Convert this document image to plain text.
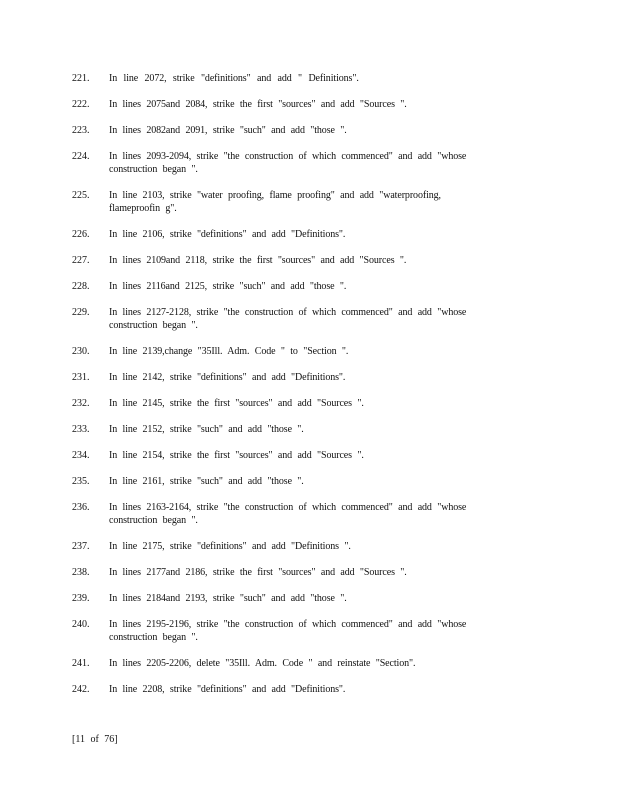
221.	In line 2072, strike "definitions" and add " Definitions".
222.	In lines 2075and 2084, strike the first "sources" and add "Sources ".
223.	In lines 2082and 2091, strike "such" and add "those ".
224.	In lines 2093-2094, strike "the construction of which commenced" and add "whose
construction began ".
225.	In line 2103, strike "water proofing, flame proofing" and add "waterproofing,
flameproofin g".
226.	In line 2106, strike "definitions" and add "Definitions".
227.	In lines 2109and 2118, strike the first "sources" and add "Sources ".
228.	In lines 2116and 2125, strike "such" and add "those ".
229.	In lines 2127-2128, strike "the construction of which commenced" and add "whose
construction began ".
230.	In line 2139,change "35Ill. Adm. Code " to "Section ".
231.	In line 2142, strike "definitions" and add "Definitions".
232.	In line 2145, strike the first "sources" and add "Sources ".
233.	In line 2152, strike "such" and add "those ".
234.	In line 2154, strike the first "sources" and add "Sources ".
235.	In line 2161, strike "such" and add "those ".
236.	In lines 2163-2164, strike "the construction of which commenced" and add "whose
construction began ".
237.	In line 2175, strike "definitions" and add "Definitions ".
238.	In lines 2177and 2186, strike the first "sources" and add "Sources ".
239.	In lines 2184and 2193, strike "such" and add "those ".
240.	In lines 2195-2196, strike "the construction of which commenced" and add "whose
construction began ".
241.	In lines 2205-2206, delete "35Ill. Adm. Code " and reinstate "Section".
242.	In line 2208, strike "definitions" and add "Definitions".
[11 of 76]
